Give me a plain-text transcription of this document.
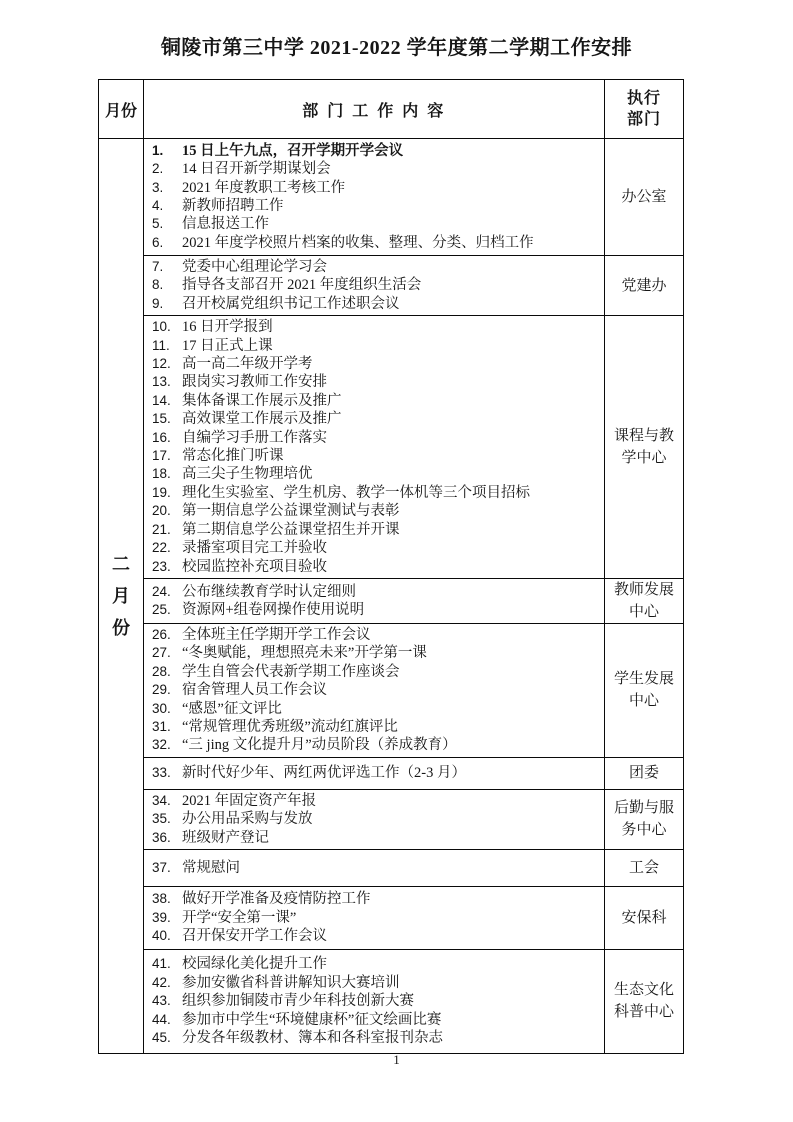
铜陵市第三中学 2021-2022 学年度第二学期工作安排
月份	部 门 工 作 内 容	执行
部门

二
月
份

1.	15 日上午九点，召开学期开学会议
2.	14 日召开新学期谋划会
3.	2021 年度教职工考核工作
4.	新教师招聘工作
5.	信息报送工作
6.	2021 年度学校照片档案的收集、整理、分类、归档工作
	办公室

7.	党委中心组理论学习会
8.	指导各支部召开 2021 年度组织生活会
9.	召开校属党组织书记工作述职会议
	党建办

10. 16 日开学报到
11. 17 日正式上课
12. 高一高二年级开学考
13. 跟岗实习教师工作安排
14. 集体备课工作展示及推广
15. 高效课堂工作展示及推广
16. 自编学习手册工作落实
17. 常态化推门听课
18. 高三尖子生物理培优
19. 理化生实验室、学生机房、教学一体机等三个项目招标
20. 第一期信息学公益课堂测试与表彰
21. 第二期信息学公益课堂招生并开课
22. 录播室项目完工并验收
23. 校园监控补充项目验收
	课程与教学中心

	24. 公布继续教育学时认定细则
25. 资源网+组卷网操作使用说明	教师发展中心

26. 全体班主任学期开学工作会议
27. “冬奥赋能，理想照亮未来”开学第一课
28. 学生自管会代表新学期工作座谈会
29. 宿舍管理人员工作会议
30. “感恩”征文评比
31. “常规管理优秀班级”流动红旗评比
32. “三 jing 文化提升月”动员阶段（养成教育）
	学生发展中心

	33. 新时代好少年、两红两优评选工作（2-3 月）	团委

34. 2021 年固定资产年报
35. 办公用品采购与发放
36. 班级财产登记
	后勤与服务中心

	37. 常规慰问	工会

38. 做好开学准备及疫情防控工作
39. 开学“安全第一课”
40. 召开保安开学工作会议
	安保科

41. 校园绿化美化提升工作
42. 参加安徽省科普讲解知识大赛培训
43. 组织参加铜陵市青少年科技创新大赛
44. 参加市中学生“环境健康杯”征文绘画比赛
45. 分发各年级教材、簿本和各科室报刊杂志
	生态文化科普中心
1
